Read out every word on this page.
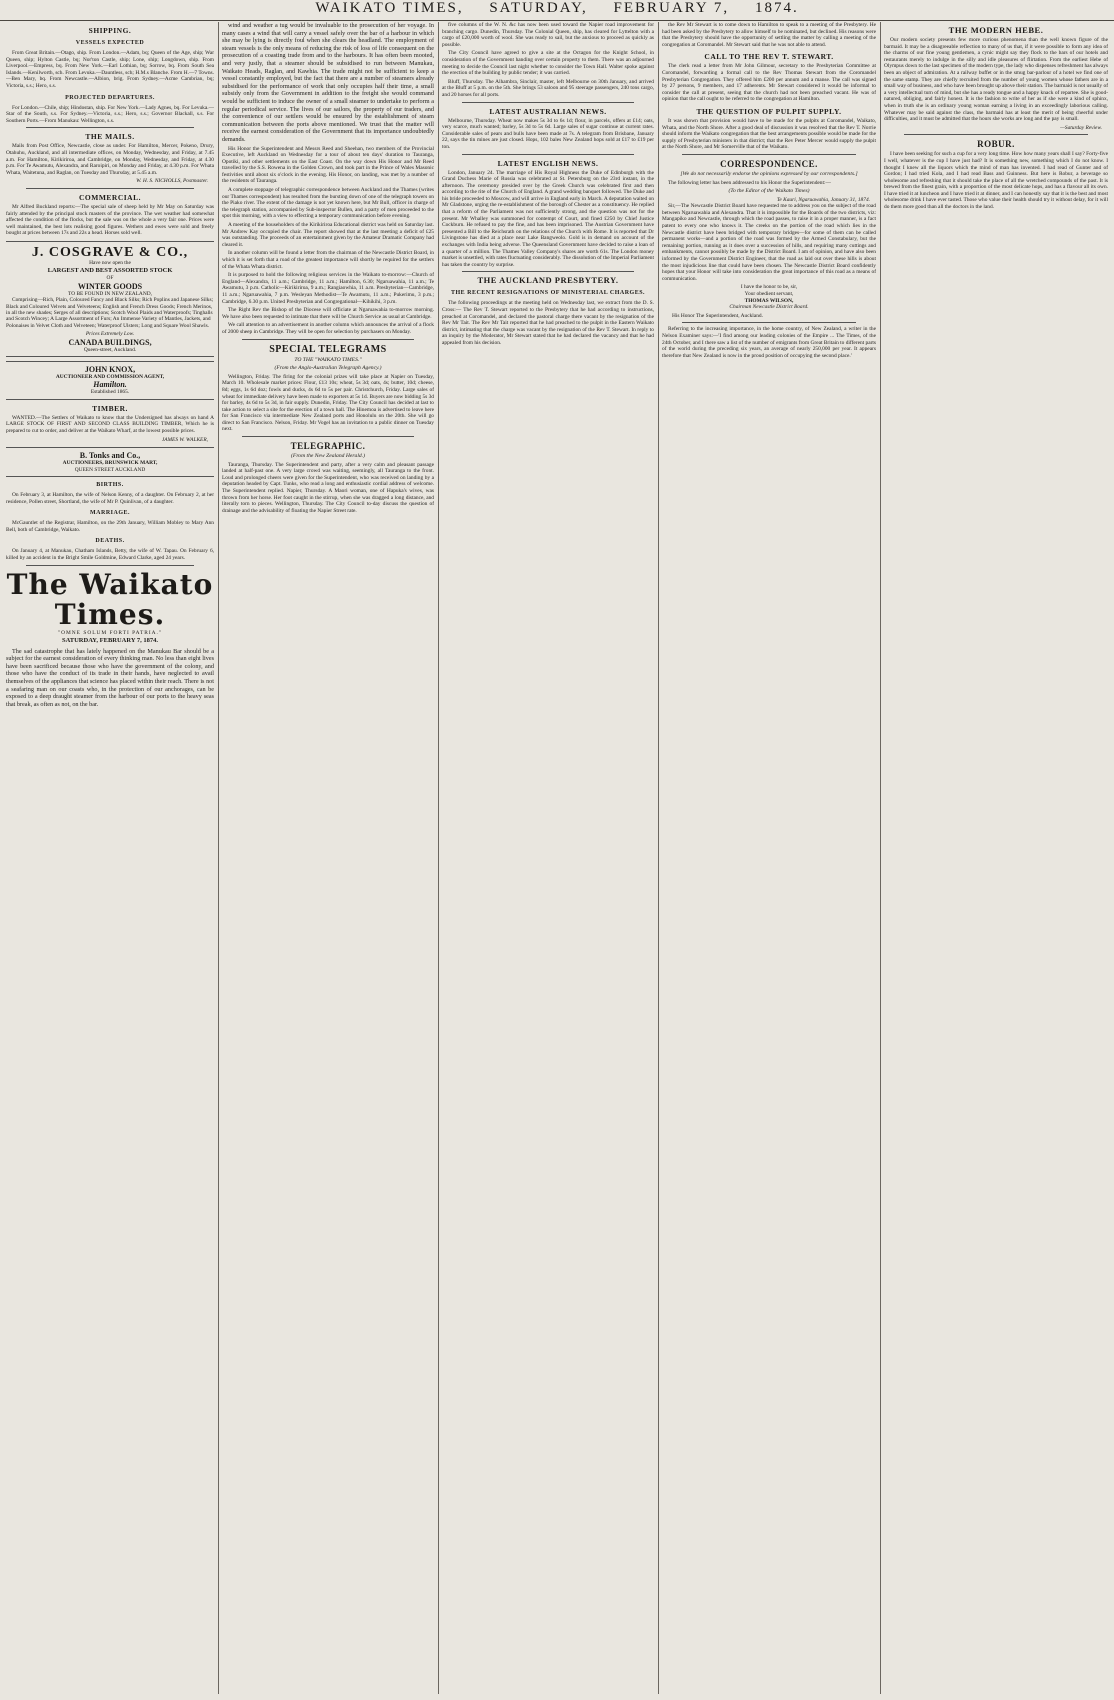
WAIKATO TIMES, SATURDAY, FEBRUARY 7, 1874.
SHIPPING.
VESSELS EXPECTED

From Great Britain.—Otago, ship. From London.—Adam, bq; Queen of the Age, ship; War Queen, ship; Hylton Castle, bq; Nor'ton Castle, ship; Lone, ship; Longdown, ship. From Liverpool.—Empress, bq. From New York.—Earl Lothian, bq; Sorrow, bq. From South Sea Islands.—Kenilworth, sch. From Levuka.—Dauntless, sch; H.M.s Blanche. From H.—7 Towns.—Ben Mary, bq. From Newcastle.—Albion, brig. From Sydney.—Acme Cambrian, bq; Victoria, s.s.; Hero, s.s.

PROJECTED DEPARTURES.

For London.—Chile, ship; Hindostan, ship. For New York.—Lady Agnes, bq. For Levuka.—Star of the South, s.s. For Sydney.—Victoria, s.s.; Hero, s.s.; Governor Blackall, s.s. For Southern Ports.—From Manukau: Wellington, s.s.

THE MAILS.

Mails from Post Office, Newcastle, close as under. For Hamilton, Mercer, Pokeno, Drury, Otahuhu, Auckland, and all intermediate offices, on Monday, Wednesday, and Friday, at 7.45 a.m. For Hamilton, Kirikiriroa, and Cambridge, on Monday, Wednesday, and Friday, at 4.30 p.m. For Te Awamutu, Alexandra, and Raroipiri, on Monday and Friday, at 4.30 p.m. For Whata Whata, Waitetuna, and Raglan, on Tuesday and Thursday, at 5.45 a.m.

W. H. S. NICHOLLS, Postmaster.
COMMERCIAL.

Mr Alfred Buckland reports:—The special sale of sheep held by Mr May on Saturday was fairly attended by the principal stock masters of the province. The wet weather had somewhat affected the condition of the flocks, but the sale was on the whole a very fair one. Prices were well maintained, the best lots realising good figures. Wethers and ewes were sold and freely bought at prices between 17s and 22s a head. Horses sold well.

J. COSGRAVE & CO.,
Have now open the
LARGEST AND BEST ASSORTED STOCK
OF
WINTER GOODS
TO BE FOUND IN NEW ZEALAND,

Comprising—Rich, Plain, Coloured Fancy and Black Silks; Rich Poplins and Japanese Silks; Black and Coloured Velvets and Velveteens; English and French Dress Goods; French Merinos, in all the new shades; Serges of all descriptions; Scotch Wool Plaids and Waterproofs; Tinghalls and Scotch Wincey; A Large Assortment of Furs; An Immense Variety of Mantles, Jackets, and Polonaises in Velvet Cloth and Velveteen; Waterproof Ulsters; Long and Square Wool Shawls.

Prices Extremely Low.
CANADA BUILDINGS,
Queen-street, Auckland.
JOHN KNOX,
AUCTIONEER AND COMMISSION AGENT,
Hamilton.
Established 1865.
TIMBER.

WANTED.—The Settlers of Waikato to know that the Undersigned has always on hand A LARGE STOCK OF FIRST AND SECOND CLASS BUILDING TIMBER, Which he is prepared to cut to order, and deliver at the Waikato Wharf, at the lowest possible prices.

JAMES W. WALKER,
B. Tonks and Co.,
AUCTIONEERS, BRUNSWICK MART,
QUEEN STREET AUCKLAND
BIRTHS.

On February 3, at Hamilton, the wife of Nelson Kenny, of a daughter. On February 2, at her residence, Pollen street, Shortland, the wife of Mr P. Quinlivan, of a daughter.

MARRIAGE.

McGauntlet of the Registrar, Hamilton, on the 29th January, William Mobley to Mary Ann Bell, both of Cambridge, Waikato.

DEATHS.

On January 4, at Manukau, Chatham Islands, Betty, the wife of W. Tapau. On February 6, killed by an accident in the Bright Smile Goldmine, Edward Clarke, aged 24 years.

The Waikato Times.
"OMNE SOLUM FORTI PATRIA."
SATURDAY, FEBRUARY 7, 1874.

The sad catastrophe that has lately happened on the Manukau Bar should be a subject for the earnest consideration of every thinking man. No less than eight lives have been sacrificed because those who have the government of the colony, and those who have the conduct of its trade in their hands, have neglected to avail themselves of the appliances that science has placed within their reach. There is not a seafaring man on our coasts who, in the protection of our anchorages, can be exposed to a deep draught steamer from the harbour of our ports to the heavy seas that break, as often as not, on the bar.

wind and weather a tug would be invaluable to the prosecution of her voyage. In many cases a wind that will carry a vessel safely over the bar of a harbour in which she may be lying is directly foul when she clears the headland. The employment of steam vessels is the only means of reducing the risk of loss of life consequent on the prosecution of a coasting trade from and to the harbours. It has often been mooted, and very justly, that a steamer should be subsidised to run between Manukau, Waikato Heads, Raglan, and Kawhia. The trade might not be sufficient to keep a vessel constantly employed, but the fact that there are a number of steamers already subsidised for the performance of work that only occupies half their time, a small subsidy only from the Government in addition to the freight she would command would be sufficient to induce the owner of a small steamer to undertake to perform a regular periodical service. The lives of our sailors, the property of our traders, and the convenience of our settlers would be ensured by the establishment of steam communication between the ports above mentioned. We trust that the matter will receive the earnest consideration of the Government that its importance undoubtedly demands.

His Honor the Superintendent and Messrs Reed and Sheehan, two members of the Provincial Executive, left Auckland on Wednesday for a tour of about ten days' duration to Tauranga, Opotiki, and other settlements on the East Coast. On the way down His Honor and Mr Reed travelled by the S.S. Rowena in the Golden Crown, and took part in the Prince of Wales Masonic festivities until about six o'clock in the evening. His Honor, on landing, was met by a number of the residents of Tauranga.

A complete stoppage of telegraphic correspondence between Auckland and the Thames (writes our Thames correspondent) has resulted from the bursting down of one of the telegraph towers on the Piako river. The extent of the damage is not yet known here, but Mr Bull, officer in charge of the telegraph station, accompanied by Sub-inspector Bullen, and a party of men proceeded to the spot this morning, with a view to effecting a temporary communication before evening.

A meeting of the householders of the Kirikiriroa Educational district was held on Saturday last. Mr Andrew Kay occupied the chair. The report showed that at the last meeting a deficit of £25 was outstanding. The proceeds of an entertainment given by the Amateur Dramatic Company had cleared it.

In another column will be found a letter from the chairman of the Newcastle District Board, in which it is set forth that a road of the greatest importance will shortly be required for the settlers of the Whata Whata district.

It is purposed to hold the following religious services in the Waikato to-morrow:—Church of England—Alexandra, 11 a.m.; Cambridge, 11 a.m.; Hamilton, 6.30; Ngaruawahia, 11 a.m.; Te Awamutu, 3 p.m. Catholic—Kirikiriroa, 9 a.m.; Rangiaowhia, 11 a.m. Presbyterian—Cambridge, 11 a.m.; Ngaruawahia, 7 p.m. Wesleyan Methodist—Te Awamutu, 11 a.m.; Pukerimu, 3 p.m.; Cambridge, 6.30 p.m. United Presbyterian and Congregational—Kihikihi, 3 p.m.

The Right Rev the Bishop of the Diocese will officiate at Ngaruawahia to-morrow morning. We have also been requested to intimate that there will be Church Service as usual at Cambridge.

We call attention to an advertisement in another column which announces the arrival of a flock of 2000 sheep in Cambridge. They will be open for selection by purchasers on Monday.

SPECIAL TELEGRAMS
TO THE "WAIKATO TIMES."
(From the Anglo-Australian Telegraph Agency.)

Wellington, Friday. The firing for the colonial prizes will take place at Napier on Tuesday, March 10. Wholesale market prices: Flour, £13 10s; wheat, 5s 3d; oats, 4s; butter, 10d; cheese, 8d; eggs, 1s 6d doz; fowls and ducks, 4s 6d to 5s per pair. Christchurch, Friday. Large sales of wheat for immediate delivery have been made to exporters at 5s 1d. Buyers are now bidding 5s 3d for barley, 4s 6d to 5s 3d, in fair supply. Dunedin, Friday. The City Council has decided at last to take action to select a site for the erection of a town hall. The Hinemoa is advertised to leave here for San Francisco via intermediate New Zealand ports and Honolulu on the 20th. She will go direct to San Francisco. Nelson, Friday. Mr Vogel has an invitation to a public dinner on Tuesday next.

TELEGRAPHIC.
(From the New Zealand Herald.)

Tauranga, Thursday. The Superintendent and party, after a very calm and pleasant passage landed at half-past one. A very large crowd was waiting, seemingly, all Tauranga to the front. Loud and prolonged cheers were given for the Superintendent, who was received on landing by a deputation headed by Capt. Tunks, who read a long and enthusiastic cordial address of welcome. The Superintendent replied. Napier, Thursday. A Maori woman, one of Hapuka's wives, was thrown from her horse. Her foot caught in the stirrup, when she was dragged a long distance, and literally torn to pieces. Wellington, Thursday. The City Council to-day discuss the question of drainage and the advisability of floating the Napier Street rate.

five columns of the W. N. &c has now been used toward the Napier road improvement for branching cargo. Dunedin, Thursday. The Colonial Queen, ship, has cleared for Lyttelton with a cargo of £20,000 worth of wool. She was ready to sail, but the anxious to proceed as quickly as possible.

The City Council have agreed to give a site at the Octagon for the Knight School, in consideration of the Government handing over certain property to them. There was an adjourned meeting to decide the Council last night whether to consider the Town Hall. Walter spoke against the erection of the building by public tender; it was carried.

Bluff, Thursday. The Alhambra, Sinclair, master, left Melbourne on 30th January, and arrived at the Bluff at 5 p.m. on the 5th. She brings 53 saloon and 95 steerage passengers, 240 tons cargo, and 20 horses for all ports.

LATEST AUSTRALIAN NEWS.

Melbourne, Thursday. Wheat now makes 5s 3d to 6s 1d; flour, in parcels, offers at £14; oats, very scarce, much wanted; barley, 5s 3d to 5s 6d. Large sales of sugar continue at current rates. Considerable sales of pears and bulls have been made at 7s. A telegram from Brisbane, January 22, says the tin mines are just closed. Hops, 102 bales New Zealand hops sold at £17 to £19 per ton.

LATEST ENGLISH NEWS.

London, January 24. The marriage of His Royal Highness the Duke of Edinburgh with the Grand Duchess Marie of Russia was celebrated at St. Petersburg on the 23rd instant, in the afternoon. The ceremony presided over by the Greek Church was celebrated first and then according to the rite of the Church of England. A grand wedding banquet followed. The Duke and his bride proceeded to Moscow, and will arrive in England early in March. A deputation waited on Mr Gladstone, urging the re-establishment of the borough of Chester as a constituency. He replied that a reform of the Parliament was not sufficiently strong, and the question was not for the present. Mr Whalley was summoned for contempt of Court, and fined £250 by Chief Justice Cockburn. He refused to pay the fine, and has been imprisoned. The Austrian Government have presented a Bill to the Reichsrath on the relations of the Church with Rome. It is reported that Dr Livingstone has died at a place near Lake Bangweolo. Gold is in demand on account of the exchanges with India being adverse. The Queensland Government have decided to raise a loan of a quarter of a million. The Thames Valley Company's shares are worth 61s. The London money market is unsettled, with rates fluctuating considerably. The dissolution of the Imperial Parliament has taken the country by surprise.

THE AUCKLAND PRESBYTERY.
THE RECENT RESIGNATIONS OF MINISTERIAL CHARGES.

The following proceedings at the meeting held on Wednesday last, we extract from the D. S. Cross:— The Rev T. Stewart reported to the Presbytery that he had according to instructions, preached at Coromandel, and declared the pastoral charge there vacant by the resignation of the Rev Mr Tait. The Rev Mr Tait reported that he had preached to the pulpit in the Eastern Waikato district, intimating that the charge was vacant by the resignation of the Rev T. Stewart. In reply to an inquiry by the Moderator, Mr Stewart stated that he had declared the vacancy and that he had appealed from his decision.

the Rev Mr Stewart is to come down to Hamilton to speak to a meeting of the Presbytery. He had been asked by the Presbytery to allow himself to be nominated, but declined. His reasons were that the Presbytery should have the opportunity of settling the matter by calling a meeting of the congregation at Coromandel. Mr Stewart said that he was not able to attend.

CALL TO THE REV T. STEWART.

The clerk read a letter from Mr John Gilmour, secretary to the Presbyterian Committee at Coromandel, forwarding a formal call to the Rev Thomas Stewart from the Coromandel Presbyterian Congregation. They offered him £200 per annum and a manse. The call was signed by 27 persons, 9 members, and 17 adherents. Mr Stewart considered it would be informal to consider the call at present, seeing that the church had not been preached vacant. He was of opinion that the call ought to be referred to the congregation at Hamilton.

THE QUESTION OF PULPIT SUPPLY.

It was shown that provision would have to be made for the pulpits at Coromandel, Waikato, Whata, and the North Shore. After a good deal of discussion it was resolved that the Rev T. Norrie should inform the Waikato congregation that the best arrangements possible would be made for the supply of Presbyterian ministers in that district; that the Rev Peter Mercer would supply the pulpit at the North Shore, and Mr Somerville that of the Waikato.

CORRESPONDENCE.
[We do not necessarily endorse the opinions expressed by our correspondents.]

The following letter has been addressed to his Honor the Superintendent:—

(To the Editor of the Waikato Times)
Te Kauri, Ngaruawahia, January 31, 1874.

Sir,—The Newcastle District Board have requested me to address you on the subject of the road between Ngaruawahia and Alexandra. That it is impossible for the Boards of the two districts, viz: Mangapiko and Newcastle, through which the road passes, to raise it in a proper manner, is a fact patent to every one who knows it. The creeks on the portion of the road which lies in the Newcastle district have been bridged with temporary bridges—for some of them can be called permanent works—and a portion of the road was formed by the Armed Constabulary, but the remaining portion, running as it does over a succession of hills, and requiring many cuttings and embankments, cannot possibly be made by the District Board. I am of opinion, and have also been informed by the Government District Engineer, that the road as laid out over these hills is about the most injudicious line that could have been chosen. The Newcastle District Board confidently hopes that your Honor will take into consideration the great importance of this road as a means of communication.

I have the honor to be, sir,
Your obedient servant,
THOMAS WILSON,
Chairman Newcastle District Board.
His Honor The Superintendent, Auckland.

Referring to the increasing importance, in the home country, of New Zealand, a writer in the Nelson Examiner says:—'I find among our leading colonies of the Empire ... The Times, of the 24th October, and I there saw a list of the number of emigrants from Great Britain to different parts of the world during the preceding six years, an average of nearly 250,000 per year. It appears therefore that New Zealand is now in the proud position of occupying the second place.'

THE MODERN HEBE.

Our modern society presents few more curious phenomena than the well known figure of the barmaid. It may be a disagreeable reflection to many of us that, if it were possible to form any idea of the charms of our fine young gentlemen, a cynic might say they flock to the bars of our hotels and restaurants merely to indulge in the silly and idle pleasures of flirtation. From the earliest Hebe of Olympus down to the last specimen of the modern type, the lady who dispenses refreshment has always been an object of admiration. At a railway buffet or in the smug bar-parlour of a hotel we find one of the same stamp. They are chiefly recruited from the number of young women whose fathers are in a small way of business, and who have been brought up above their station. The barmaid is not usually of a very intellectual turn of mind, but she has a ready tongue and a happy knack of repartee. She is good-natured, obliging, and fairly honest. It is the fashion to write of her as if she were a kind of sphinx, when in truth she is an ordinary young woman earning a living in an exceedingly laborious calling. Whatever may be said against the class, the barmaid has at least the merit of being cheerful under difficulties, and it must be admitted that the hours she works are long and the pay is small.

—Saturday Review.
ROBUR.

I have been seeking for such a cup for a very long time. How how many years shall I say? Forty-five I well, whatever is the cup I have just had? It is something new, something which I do not know. I thought I knew all the liquors which the mind of man has invented. I had read of Gunter and of Gordon; I had tried Kola, and I had read Bass and Guinness. But here is Robur, a beverage so wholesome and refreshing that it should take the place of all the wretched compounds of the past. It is brewed from the finest grain, with a proportion of the most delicate hops, and has a flavour all its own. I have tried it at luncheon and I have tried it at dinner, and I can honestly say that it is the best and most wholesome drink I have ever tasted. Those who value their health should try it without delay, for it will do them more good than all the doctors in the land.
